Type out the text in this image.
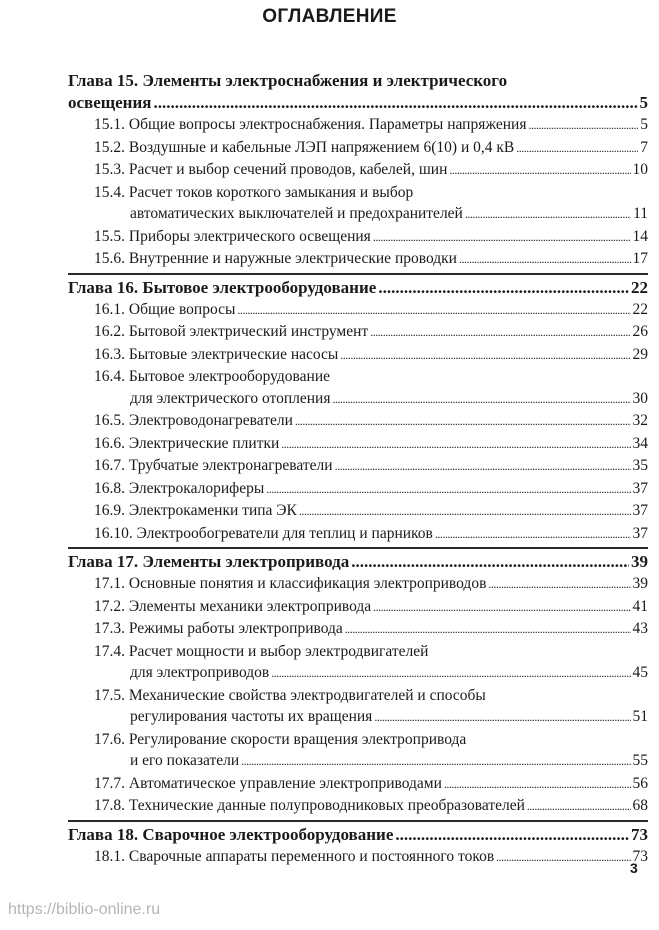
ОГЛАВЛЕНИЕ
Глава 15. Элементы электроснабжения и электрического
освещения .....	5
15.1. Общие вопросы электроснабжения. Параметры напряжения .....	5
15.2. Воздушные и кабельные ЛЭП напряжением 6(10) и 0,4 кВ .....	7
15.3. Расчет и выбор сечений проводов, кабелей, шин .....	10
15.4. Расчет токов короткого замыкания и выбор
автоматических выключателей и предохранителей .....	11
15.5. Приборы электрического освещения .....	14
15.6. Внутренние и наружные электрические проводки .....	17
Глава 16. Бытовое электрооборудование .....	22
16.1. Общие вопросы .....	22
16.2. Бытовой электрический инструмент .....	26
16.3. Бытовые электрические насосы .....	29
16.4. Бытовое электрооборудование
для электрического отопления .....	30
16.5. Электроводонагреватели .....	32
16.6. Электрические плитки .....	34
16.7. Трубчатые электронагреватели .....	35
16.8. Электрокалориферы .....	37
16.9. Электрокаменки типа ЭК .....	37
16.10. Электрообогреватели для теплиц и парников .....	37
Глава 17. Элементы электропривода .....	39
17.1. Основные понятия и классификация электроприводов .....	39
17.2. Элементы механики электропривода .....	41
17.3. Режимы работы электропривода .....	43
17.4. Расчет мощности и выбор электродвигателей
для электроприводов .....	45
17.5. Механические свойства электродвигателей и способы
регулирования частоты их вращения .....	51
17.6. Регулирование скорости вращения электропривода
и его показатели .....	55
17.7. Автоматическое управление электроприводами .....	56
17.8. Технические данные полупроводниковых преобразователей .....	68
Глава 18. Сварочное электрооборудование .....	73
18.1. Сварочные аппараты переменного и постоянного токов .....	73
3
https://biblio-online.ru
